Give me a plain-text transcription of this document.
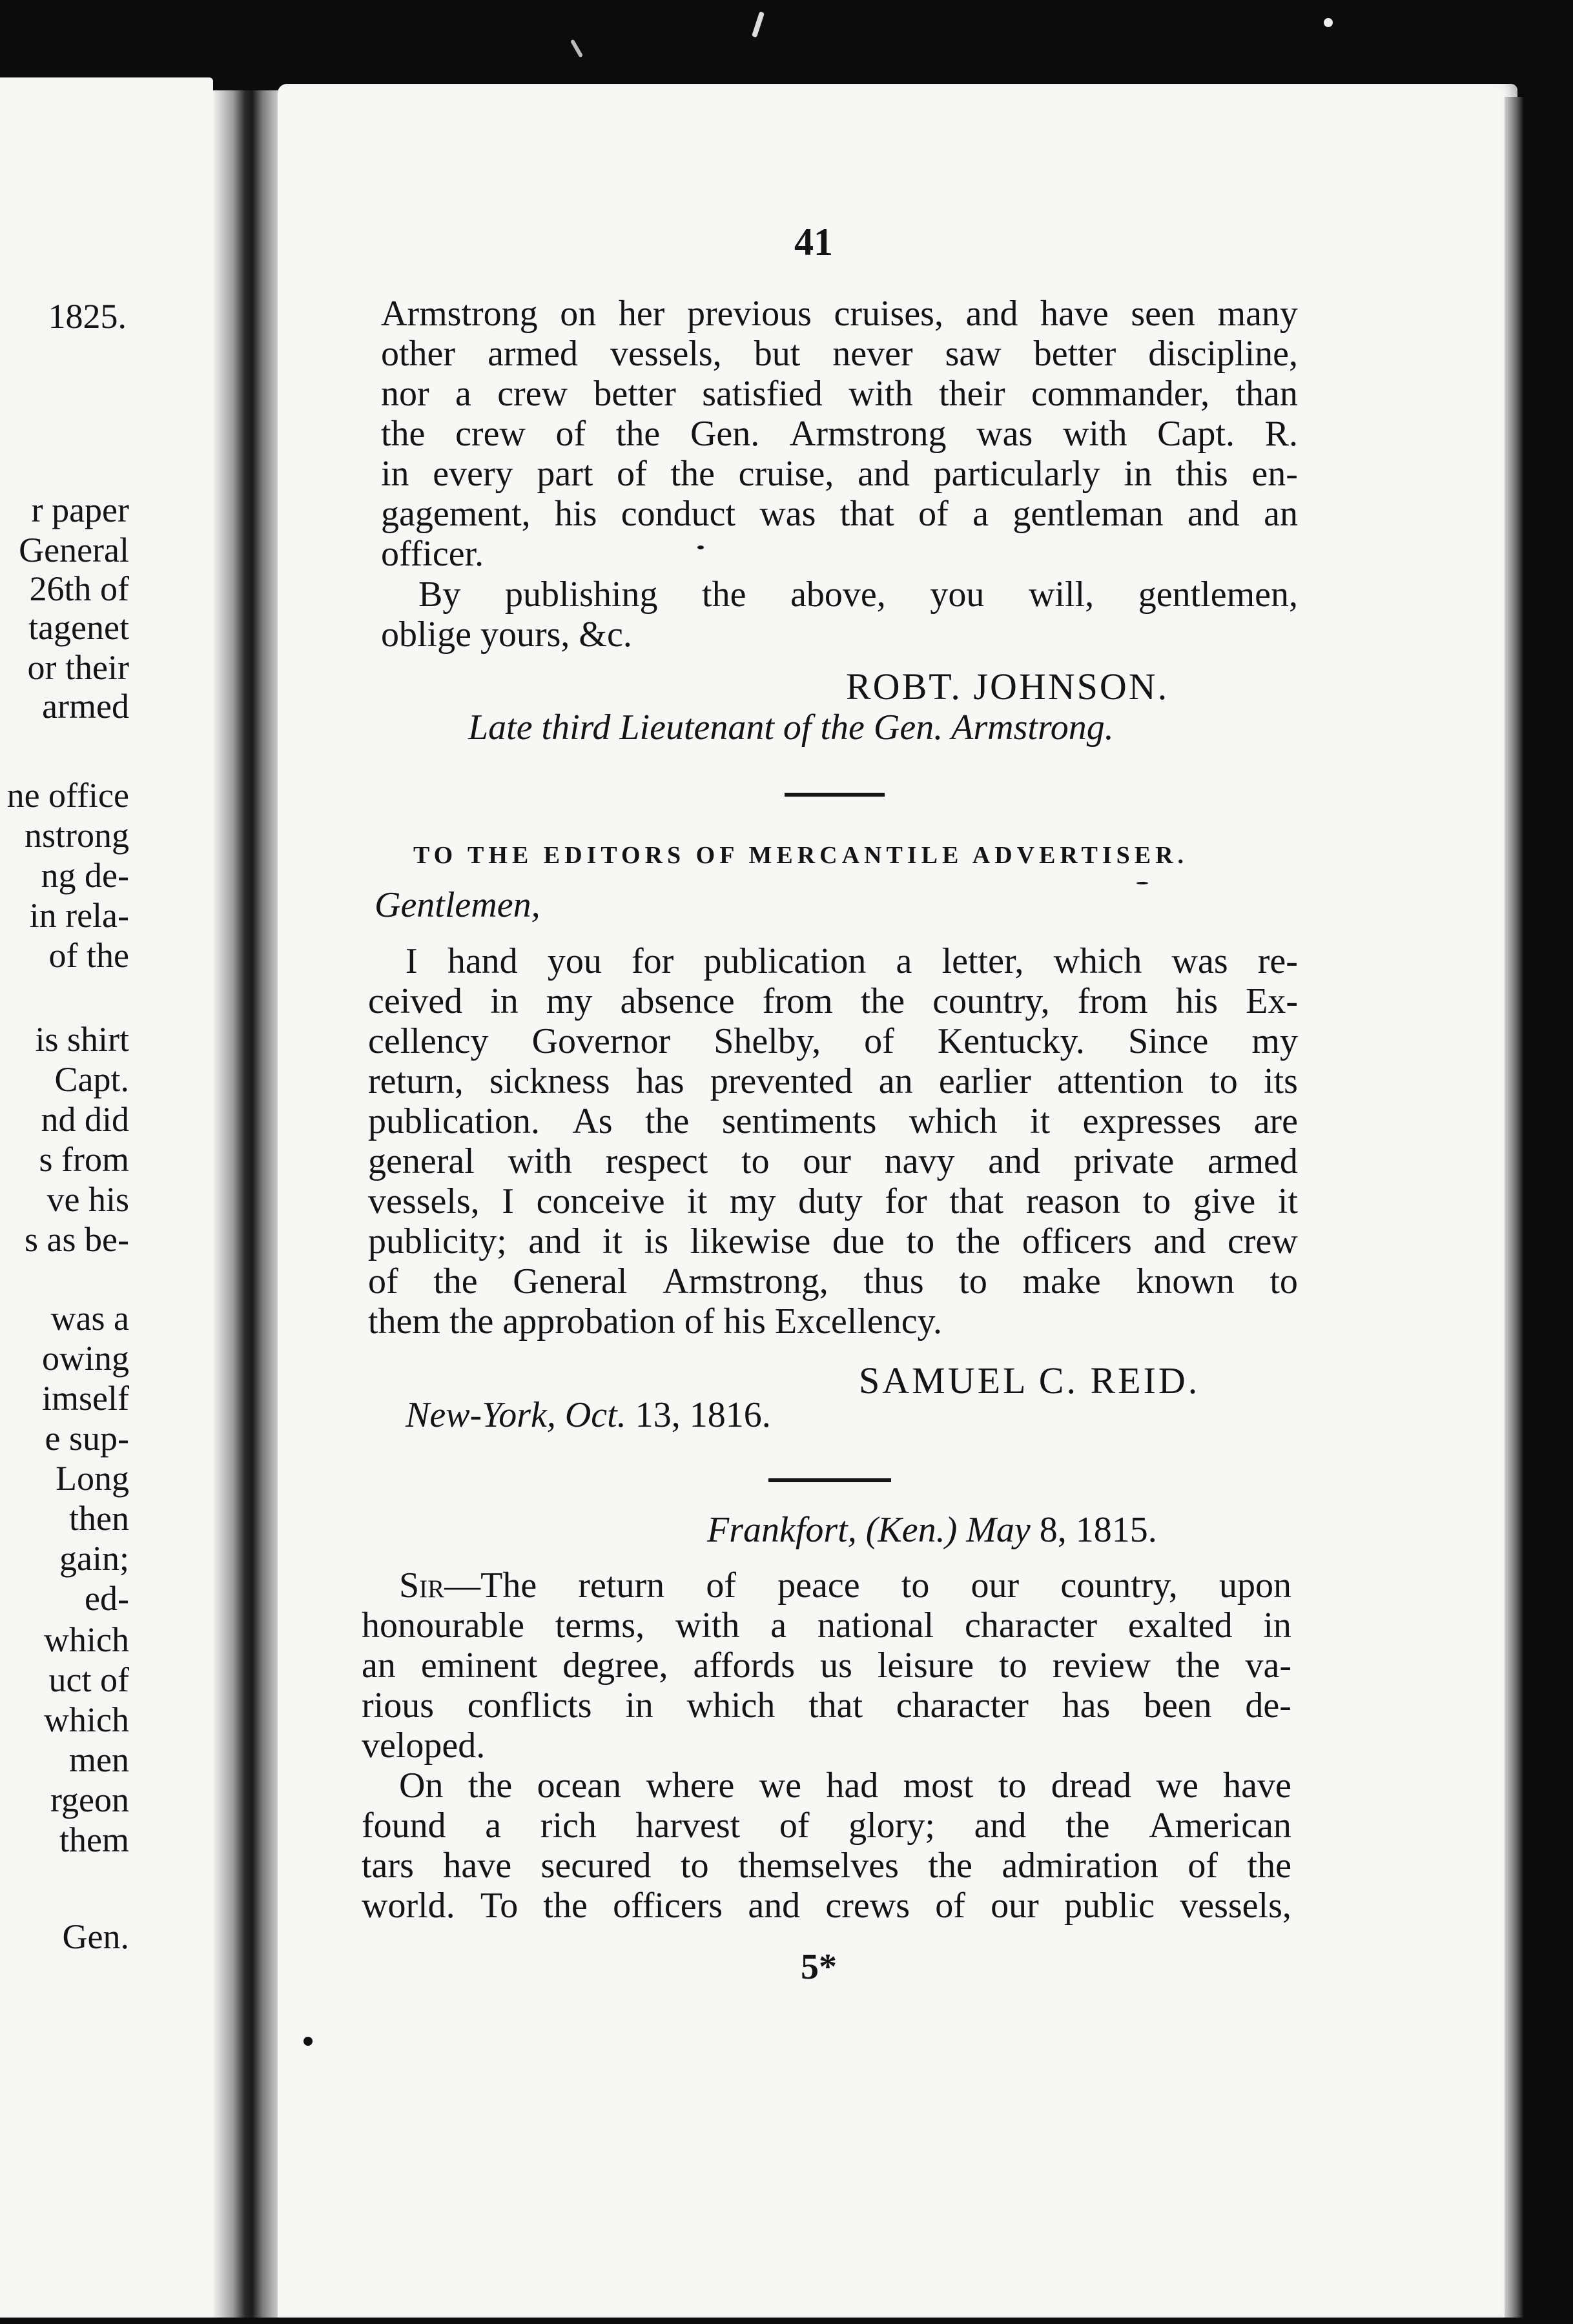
1825.
r paper
General
26th of
tagenet
or their
armed
ne office
nstrong
ng de-
in rela-
of the
is shirt
Capt.
nd did
s from
ve his
s as be-
was a
owing
imself
e sup-
Long
then
gain;
ed-
which
uct of
which
men
rgeon
them
Gen.
41
Armstrong on her previous cruises, and have seen many
other armed vessels, but never saw better discipline,
nor a crew better satisfied with their commander, than
the crew of the Gen. Armstrong was with Capt. R.
in every part of the cruise, and particularly in this en-
gagement, his conduct was that of a gentleman and an
officer.
By publishing the above, you will, gentlemen,
oblige yours, &c.
ROBT. JOHNSON.
Late third Lieutenant of the Gen. Armstrong.
TO THE EDITORS OF MERCANTILE ADVERTISER.
Gentlemen,
I hand you for publication a letter, which was re-
ceived in my absence from the country, from his Ex-
cellency Governor Shelby, of Kentucky. Since my
return, sickness has prevented an earlier attention to its
publication. As the sentiments which it expresses are
general with respect to our navy and private armed
vessels, I conceive it my duty for that reason to give it
publicity; and it is likewise due to the officers and crew
of the General Armstrong, thus to make known to
them the approbation of his Excellency.
SAMUEL C. REID.
New-York, Oct. 13, 1816.
Frankfort, (Ken.) May 8, 1815.
Sir—The return of peace to our country, upon
honourable terms, with a national character exalted in
an eminent degree, affords us leisure to review the va-
rious conflicts in which that character has been de-
veloped.
On the ocean where we had most to dread we have
found a rich harvest of glory; and the American
tars have secured to themselves the admiration of the
world. To the officers and crews of our public vessels,
5*
